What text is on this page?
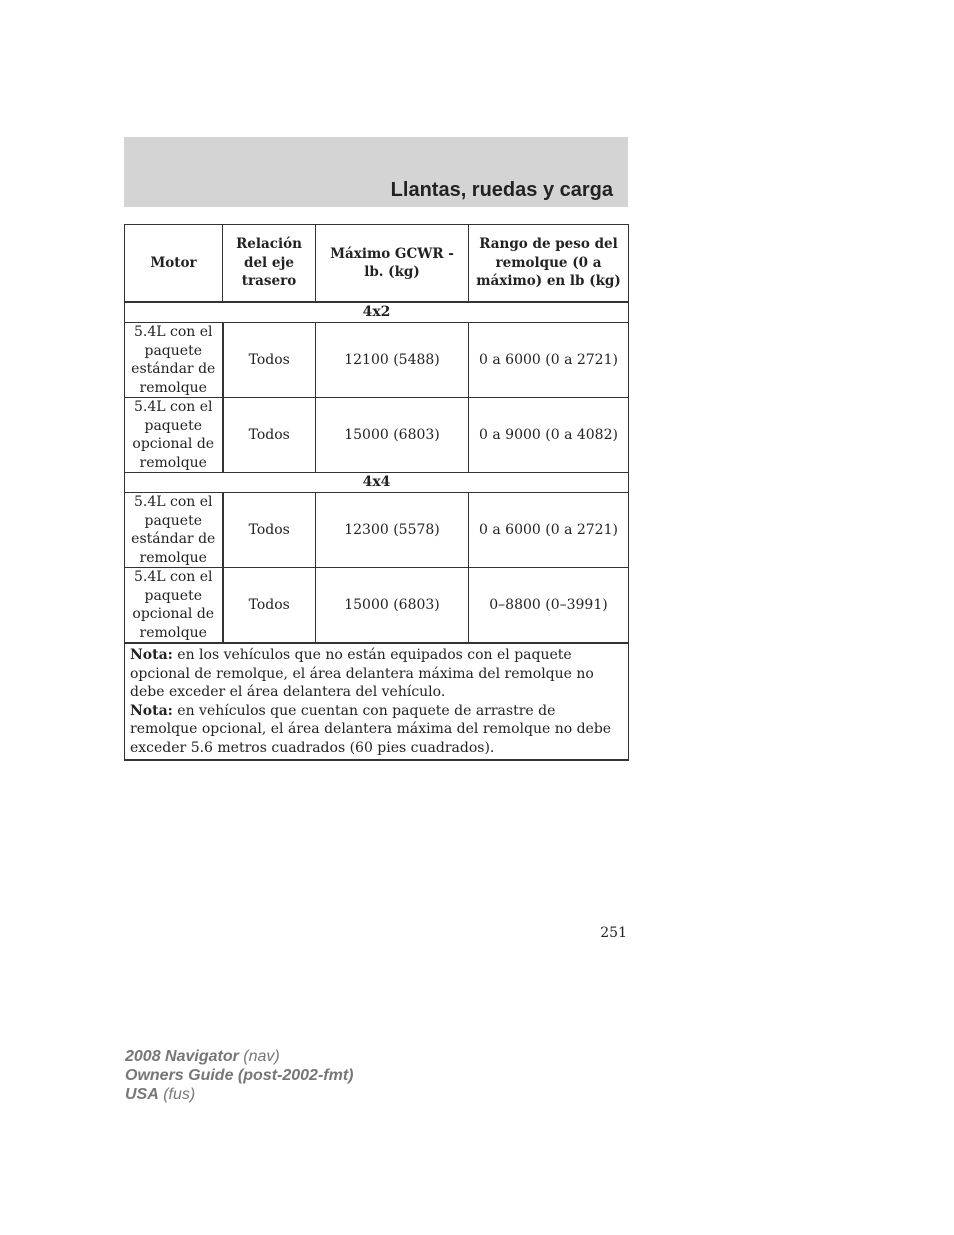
Llantas, ruedas y carga
Motor	Relación del eje trasero	Máximo GCWR - lb. (kg)	Rango de peso del remolque (0 a máximo) en lb (kg)
4x2			
5.4L con el paquete estándar de remolque	Todos	12100 (5488)	0 a 6000 (0 a 2721)
5.4L con el paquete opcional de remolque	Todos	15000 (6803)	0 a 9000 (0 a 4082)
4x4			
5.4L con el paquete estándar de remolque	Todos	12300 (5578)	0 a 6000 (0 a 2721)
5.4L con el paquete opcional de remolque	Todos	15000 (6803)	0–8800 (0–3991)

Nota: en los vehículos que no están equipados con el paquete opcional de remolque, el área delantera máxima del remolque no debe exceder el área delantera del vehículo.
Nota: en vehículos que cuentan con paquete de arrastre de remolque opcional, el área delantera máxima del remolque no debe exceder 5.6 metros cuadrados (60 pies cuadrados).			
251
2008 Navigator (nav)
Owners Guide (post-2002-fmt)
USA (fus)
